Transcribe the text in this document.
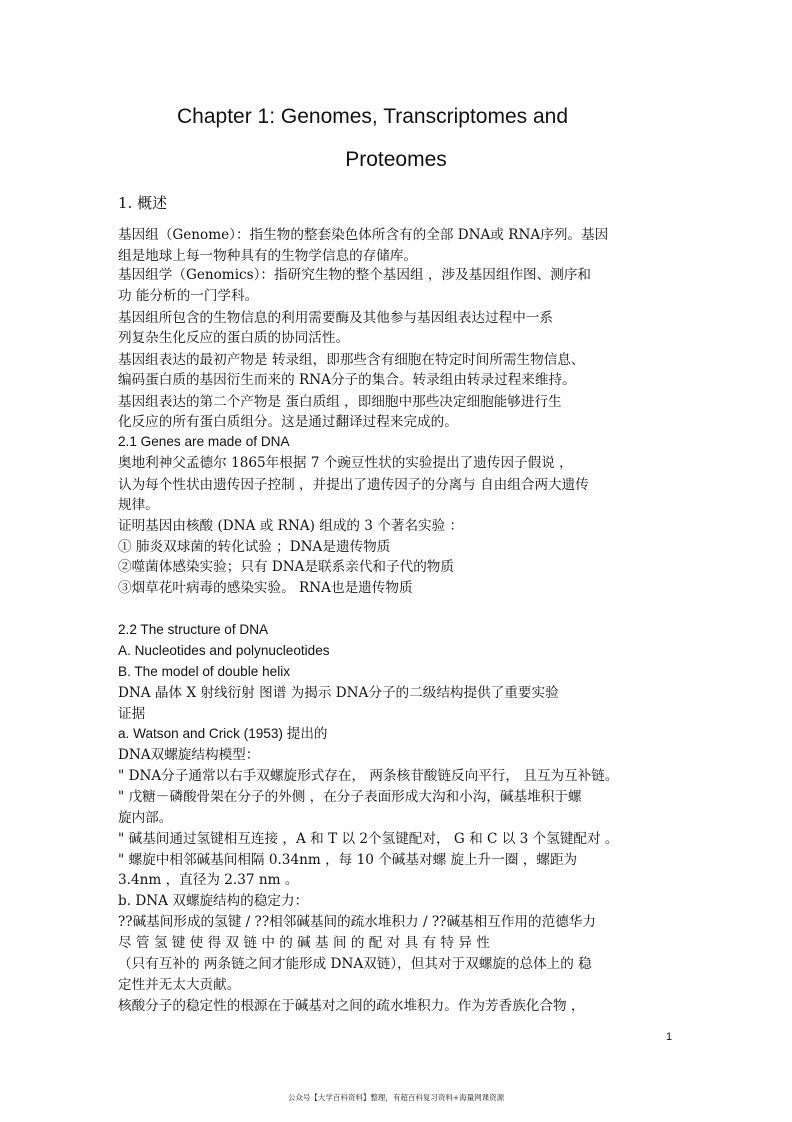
Chapter 1: Genomes, Transcriptomes and
Proteomes
1. 概述
基因组（Genome）：指生物的整套染色体所含有的全部 DNA或 RNA序列。基因
组是地球上每一物种具有的生物学信息的存储库。
基因组学（Genomics）：指研究生物的整个基因组 ，涉及基因组作图、测序和
功 能分析的一门学科。
基因组所包含的生物信息的利用需要酶及其他参与基因组表达过程中一系
列复杂生化反应的蛋白质的协同活性。
基因组表达的最初产物是 转录组，即那些含有细胞在特定时间所需生物信息、
编码蛋白质的基因衍生而来的 RNA分子的集合。转录组由转录过程来维持。
基因组表达的第二个产物是 蛋白质组 ，即细胞中那些决定细胞能够进行生
化反应的所有蛋白质组分。这是通过翻译过程来完成的。
2.1 Genes are made of DNA
奥地利神父孟德尔 1865年根据 7 个豌豆性状的实验提出了遗传因子假说 ，
认为每个性状由遗传因子控制 ，并提出了遗传因子的分离与 自由组合两大遗传
规律。
证明基因由核酸 (DNA 或 RNA) 组成的 3 个著名实验 ：
① 肺炎双球菌的转化试验 ；DNA是遗传物质
②噬菌体感染实验；只有 DNA是联系亲代和子代的物质
③烟草花叶病毒的感染实验。 RNA也是遗传物质
2.2 The structure of DNA
A. Nucleotides and polynucleotides
B. The model of double helix
DNA 晶体 X 射线衍射 图谱 为揭示 DNA分子的二级结构提供了重要实验
证据
a. Watson and Crick (1953) 提出的
DNA双螺旋结构模型：
" DNA分子通常以右手双螺旋形式存在， 两条核苷酸链反向平行， 且互为互补链。
" 戊糖－磷酸骨架在分子的外侧 ，在分子表面形成大沟和小沟，碱基堆积于螺
旋内部。
" 碱基间通过氢键相互连接 ，A 和 T 以 2个氢键配对， G 和 C 以 3 个氢键配对 。
" 螺旋中相邻碱基间相隔 0.34nm ，每 10 个碱基对螺 旋上升一圈 ，螺距为
3.4nm ，直径为 2.37 nm 。
b. DNA 双螺旋结构的稳定力：
??碱基间形成的氢键 / ??相邻碱基间的疏水堆积力 / ??碱基相互作用的范德华力
尽 管 氢 键 使 得 双 链 中 的 碱 基 间 的 配 对 具 有 特 异 性
（只有互补的 两条链之间才能形成 DNA双链），但其对于双螺旋的总体上的 稳
定性并无太大贡献。
核酸分子的稳定性的根源在于碱基对之间的疏水堆积力。作为芳香族化合物 ，
1
公众号【大学百科资料】整理，有超百科复习资料+海量网课资源
